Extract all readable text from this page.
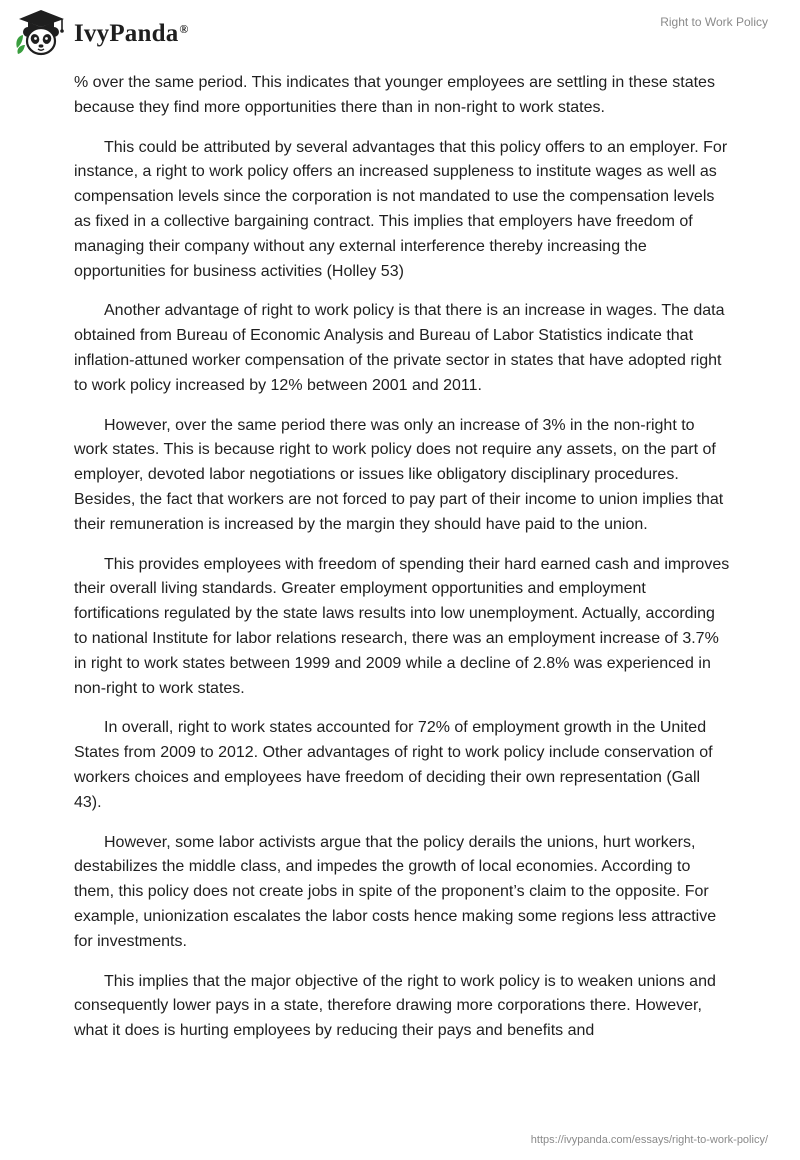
IvyPanda®	Right to Work Policy

% over the same period. This indicates that younger employees are settling in these states because they find more opportunities there than in non-right to work states.

This could be attributed by several advantages that this policy offers to an employer. For instance, a right to work policy offers an increased suppleness to institute wages as well as compensation levels since the corporation is not mandated to use the compensation levels as fixed in a collective bargaining contract. This implies that employers have freedom of managing their company without any external interference thereby increasing the opportunities for business activities (Holley 53)

Another advantage of right to work policy is that there is an increase in wages. The data obtained from Bureau of Economic Analysis and Bureau of Labor Statistics indicate that inflation-attuned worker compensation of the private sector in states that have adopted right to work policy increased by 12% between 2001 and 2011.

However, over the same period there was only an increase of 3% in the non-right to work states. This is because right to work policy does not require any assets, on the part of employer, devoted labor negotiations or issues like obligatory disciplinary procedures. Besides, the fact that workers are not forced to pay part of their income to union implies that their remuneration is increased by the margin they should have paid to the union.

This provides employees with freedom of spending their hard earned cash and improves their overall living standards. Greater employment opportunities and employment fortifications regulated by the state laws results into low unemployment. Actually, according to national Institute for labor relations research, there was an employment increase of 3.7% in right to work states between 1999 and 2009 while a decline of 2.8% was experienced in non-right to work states.

In overall, right to work states accounted for 72% of employment growth in the United States from 2009 to 2012. Other advantages of right to work policy include conservation of workers choices and employees have freedom of deciding their own representation (Gall 43).

However, some labor activists argue that the policy derails the unions, hurt workers, destabilizes the middle class, and impedes the growth of local economies. According to them, this policy does not create jobs in spite of the proponent’s claim to the opposite. For example, unionization escalates the labor costs hence making some regions less attractive for investments.

This implies that the major objective of the right to work policy is to weaken unions and consequently lower pays in a state, therefore drawing more corporations there. However, what it does is hurting employees by reducing their pays and benefits and

https://ivypanda.com/essays/right-to-work-policy/
